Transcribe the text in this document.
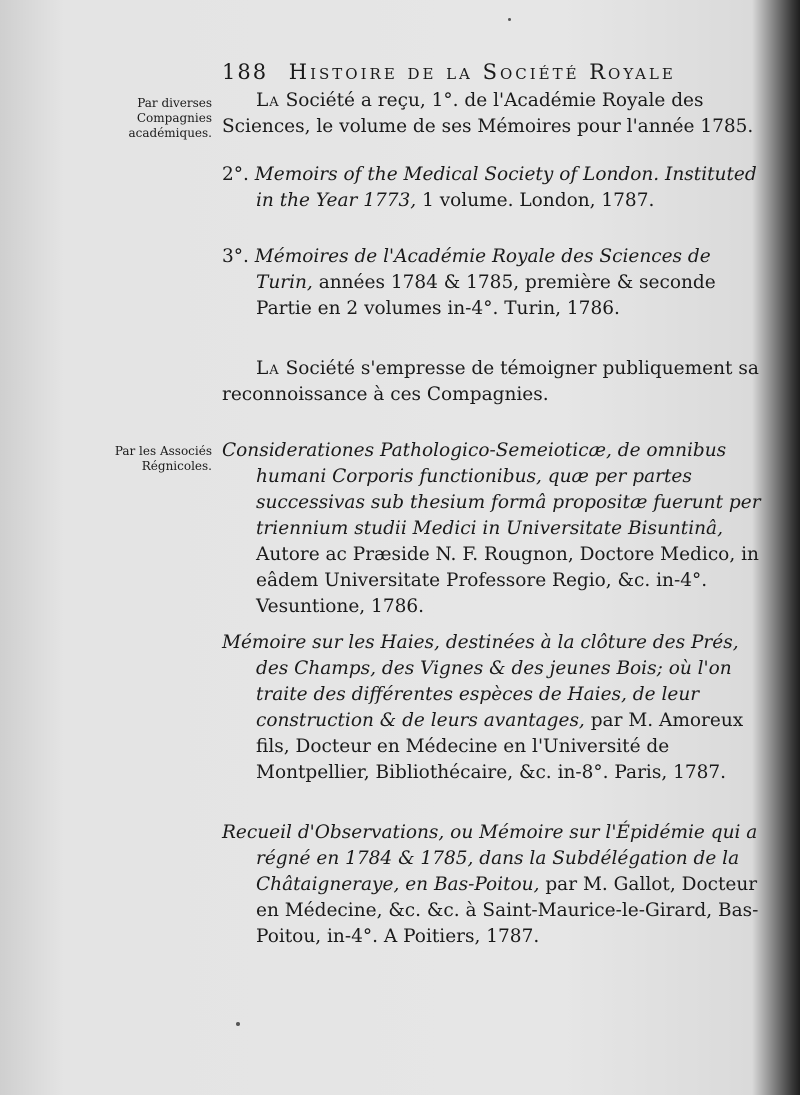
188 Histoire de la Société Royale
Par diverses
Compagnies
académiques.
Par les Associés
Régnicoles.

La Société a reçu, 1°. de l'Académie Royale des Sciences, le volume de ses Mémoires pour l'année 1785.

2°. Memoirs of the Medical Society of London. Instituted in the Year 1773, 1 volume. London, 1787.

3°. Mémoires de l'Académie Royale des Sciences de Turin, années 1784 & 1785, première & seconde Partie en 2 volumes in-4°. Turin, 1786.

La Société s'empresse de témoigner publiquement sa reconnoissance à ces Compagnies.

Considerationes Pathologico-Semeioticæ, de omnibus humani Corporis functionibus, quæ per partes successivas sub thesium formâ propositæ fuerunt per triennium studii Medici in Universitate Bisuntinâ, Autore ac Præside N. F. Rougnon, Doctore Medico, in eâdem Universitate Professore Regio, &c. in-4°. Vesuntione, 1786.

Mémoire sur les Haies, destinées à la clôture des Prés, des Champs, des Vignes & des jeunes Bois; où l'on traite des différentes espèces de Haies, de leur construction & de leurs avantages, par M. Amoreux fils, Docteur en Médecine en l'Université de Montpellier, Bibliothécaire, &c. in-8°. Paris, 1787.

Recueil d'Observations, ou Mémoire sur l'Épidémie qui a régné en 1784 & 1785, dans la Subdélégation de la Châtaigneraye, en Bas-Poitou, par M. Gallot, Docteur en Médecine, &c. &c. à Saint-Maurice-le-Girard, Bas-Poitou, in-4°. A Poitiers, 1787.
